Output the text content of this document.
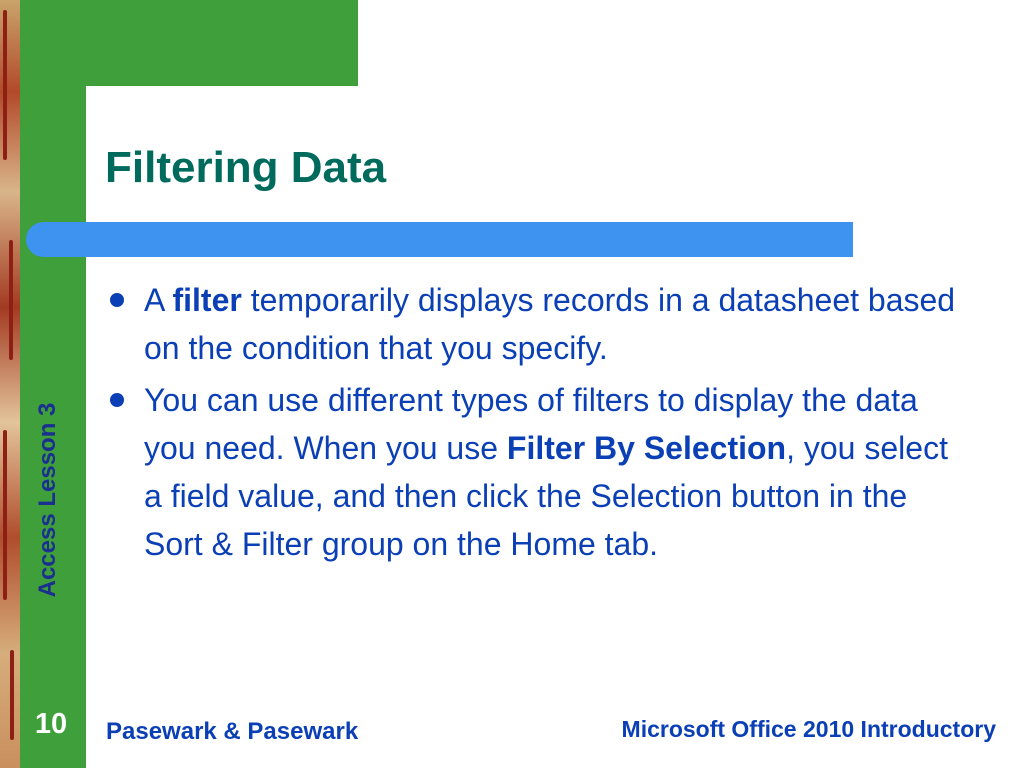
Filtering Data
A filter temporarily displays records in a datasheet based on the condition that you specify.
You can use different types of filters to display the data you need. When you use Filter By Selection, you select a field value, and then click the Selection button in the Sort & Filter group on the Home tab.
Access Lesson 3
10	Pasewark & Pasewark	Microsoft Office 2010 Introductory
